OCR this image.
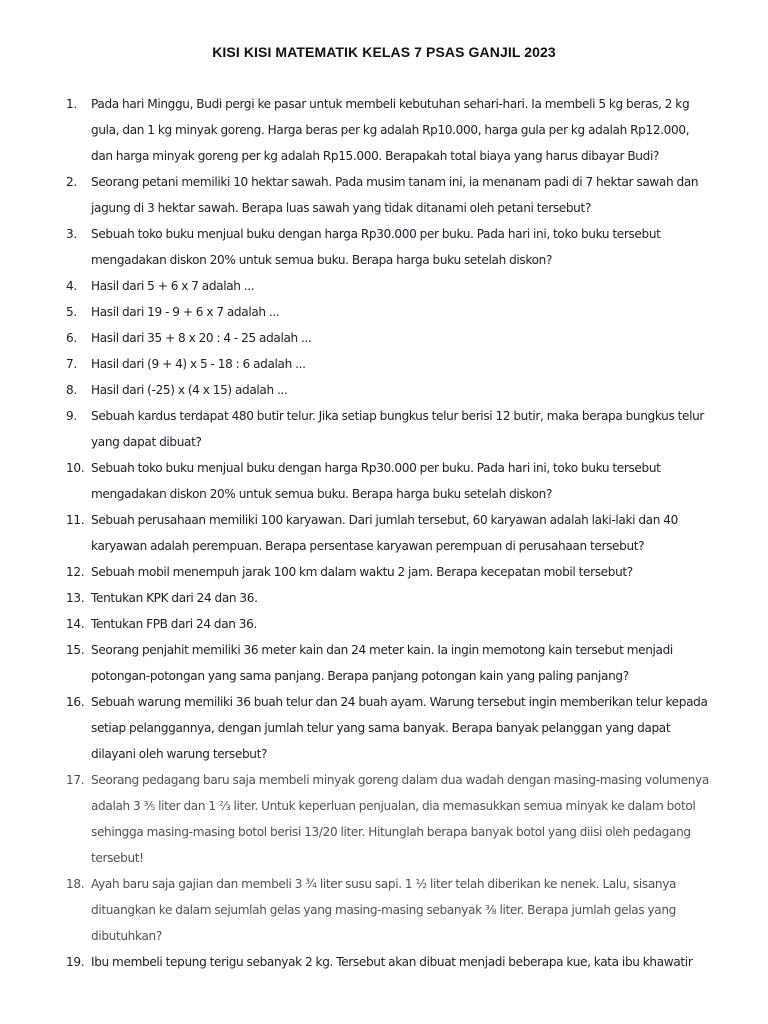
KISI KISI MATEMATIK KELAS 7 PSAS GANJIL 2023
1.	Pada hari Minggu, Budi pergi ke pasar untuk membeli kebutuhan sehari-hari. Ia membeli 5 kg beras, 2 kg gula, dan 1 kg minyak goreng. Harga beras per kg adalah Rp10.000, harga gula per kg adalah Rp12.000, dan harga minyak goreng per kg adalah Rp15.000. Berapakah total biaya yang harus dibayar Budi?
2.	Seorang petani memiliki 10 hektar sawah. Pada musim tanam ini, ia menanam padi di 7 hektar sawah dan jagung di 3 hektar sawah. Berapa luas sawah yang tidak ditanami oleh petani tersebut?
3.	Sebuah toko buku menjual buku dengan harga Rp30.000 per buku. Pada hari ini, toko buku tersebut mengadakan diskon 20% untuk semua buku. Berapa harga buku setelah diskon?
4.	Hasil dari 5 + 6 x 7 adalah ...
5.	Hasil dari 19 - 9 + 6 x 7 adalah ...
6.	Hasil dari 35 + 8 x 20 : 4 - 25 adalah ...
7.	Hasil dari (9 + 4) x 5 - 18 : 6 adalah ...
8.	Hasil dari (-25) x (4 x 15) adalah ...
9.	Sebuah kardus terdapat 480 butir telur. Jika setiap bungkus telur berisi 12 butir, maka berapa bungkus telur yang dapat dibuat?
10. Sebuah toko buku menjual buku dengan harga Rp30.000 per buku. Pada hari ini, toko buku tersebut mengadakan diskon 20% untuk semua buku. Berapa harga buku setelah diskon?
11. Sebuah perusahaan memiliki 100 karyawan. Dari jumlah tersebut, 60 karyawan adalah laki-laki dan 40 karyawan adalah perempuan. Berapa persentase karyawan perempuan di perusahaan tersebut?
12. Sebuah mobil menempuh jarak 100 km dalam waktu 2 jam. Berapa kecepatan mobil tersebut?
13. Tentukan KPK dari 24 dan 36.
14. Tentukan FPB dari 24 dan 36.
15. Seorang penjahit memiliki 36 meter kain dan 24 meter kain. Ia ingin memotong kain tersebut menjadi potongan-potongan yang sama panjang. Berapa panjang potongan kain yang paling panjang?
16. Sebuah warung memiliki 36 buah telur dan 24 buah ayam. Warung tersebut ingin memberikan telur kepada setiap pelanggannya, dengan jumlah telur yang sama banyak. Berapa banyak pelanggan yang dapat dilayani oleh warung tersebut?
17. Seorang pedagang baru saja membeli minyak goreng dalam dua wadah dengan masing-masing volumenya adalah 3 ⅗ liter dan 1 ⅔ liter. Untuk keperluan penjualan, dia memasukkan semua minyak ke dalam botol sehingga masing-masing botol berisi 13/20 liter. Hitunglah berapa banyak botol yang diisi oleh pedagang tersebut!
18. Ayah baru saja gajian dan membeli 3 ¾ liter susu sapi. 1 ½ liter telah diberikan ke nenek. Lalu, sisanya dituangkan ke dalam sejumlah gelas yang masing-masing sebanyak ⅜ liter. Berapa jumlah gelas yang dibutuhkan?
19. Ibu membeli tepung terigu sebanyak 2 kg. Tersebut akan dibuat menjadi beberapa kue, kata ibu khawatir
